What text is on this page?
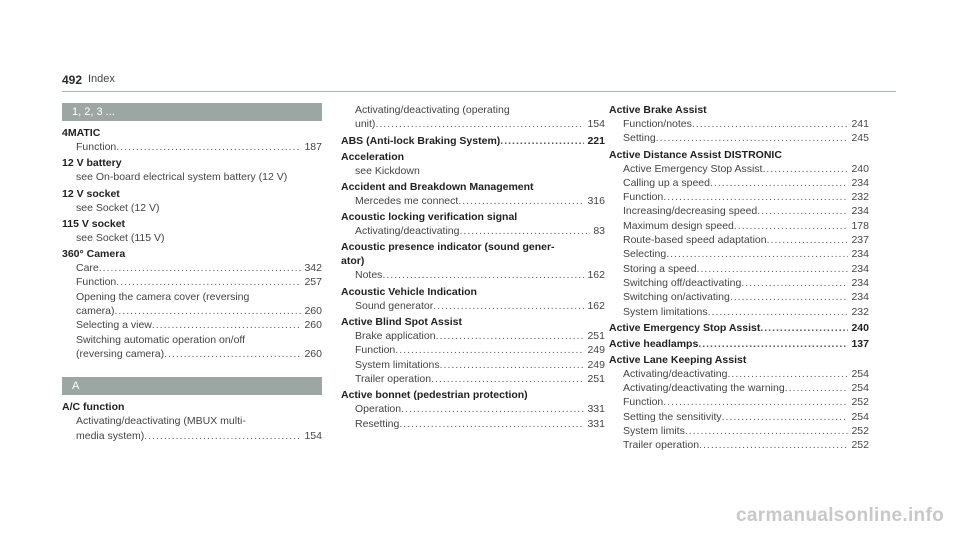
492 Index
1, 2, 3 ...
4MATIC
Function .....	187
12 V battery
see On-board electrical system battery (12 V)
12 V socket
see Socket (12 V)
115 V socket
see Socket (115 V)
360° Camera
Care .....	342
Function .....	257
Opening the camera cover (reversing
camera) .....	260
Selecting a view .....	260
Switching automatic operation on/off
(reversing camera) .....	260
A
A/C function
Activating/deactivating (MBUX multi-
media system) .....	154
Activating/deactivating (operating
unit) .....	154
ABS (Anti-lock Braking System) .....	221
Acceleration
see Kickdown
Accident and Breakdown Management
Mercedes me connect .....	316
Acoustic locking verification signal
Activating/deactivating .....	83
Acoustic presence indicator (sound gener-
ator)
Notes .....	162
Acoustic Vehicle Indication
Sound generator .....	162
Active Blind Spot Assist
Brake application .....	251
Function .....	249
System limitations .....	249
Trailer operation .....	251
Active bonnet (pedestrian protection)
Operation .....	331
Resetting .....	331
Active Brake Assist
Function/notes .....	241
Setting .....	245
Active Distance Assist DISTRONIC
Active Emergency Stop Assist .....	240
Calling up a speed .....	234
Function .....	232
Increasing/decreasing speed .....	234
Maximum design speed .....	178
Route-based speed adaptation .....	237
Selecting .....	234
Storing a speed .....	234
Switching off/deactivating .....	234
Switching on/activating .....	234
System limitations .....	232
Active Emergency Stop Assist .....	240
Active headlamps .....	137
Active Lane Keeping Assist
Activating/deactivating .....	254
Activating/deactivating the warning .....	254
Function .....	252
Setting the sensitivity .....	254
System limits .....	252
Trailer operation .....	252
carmanualsonline.info
